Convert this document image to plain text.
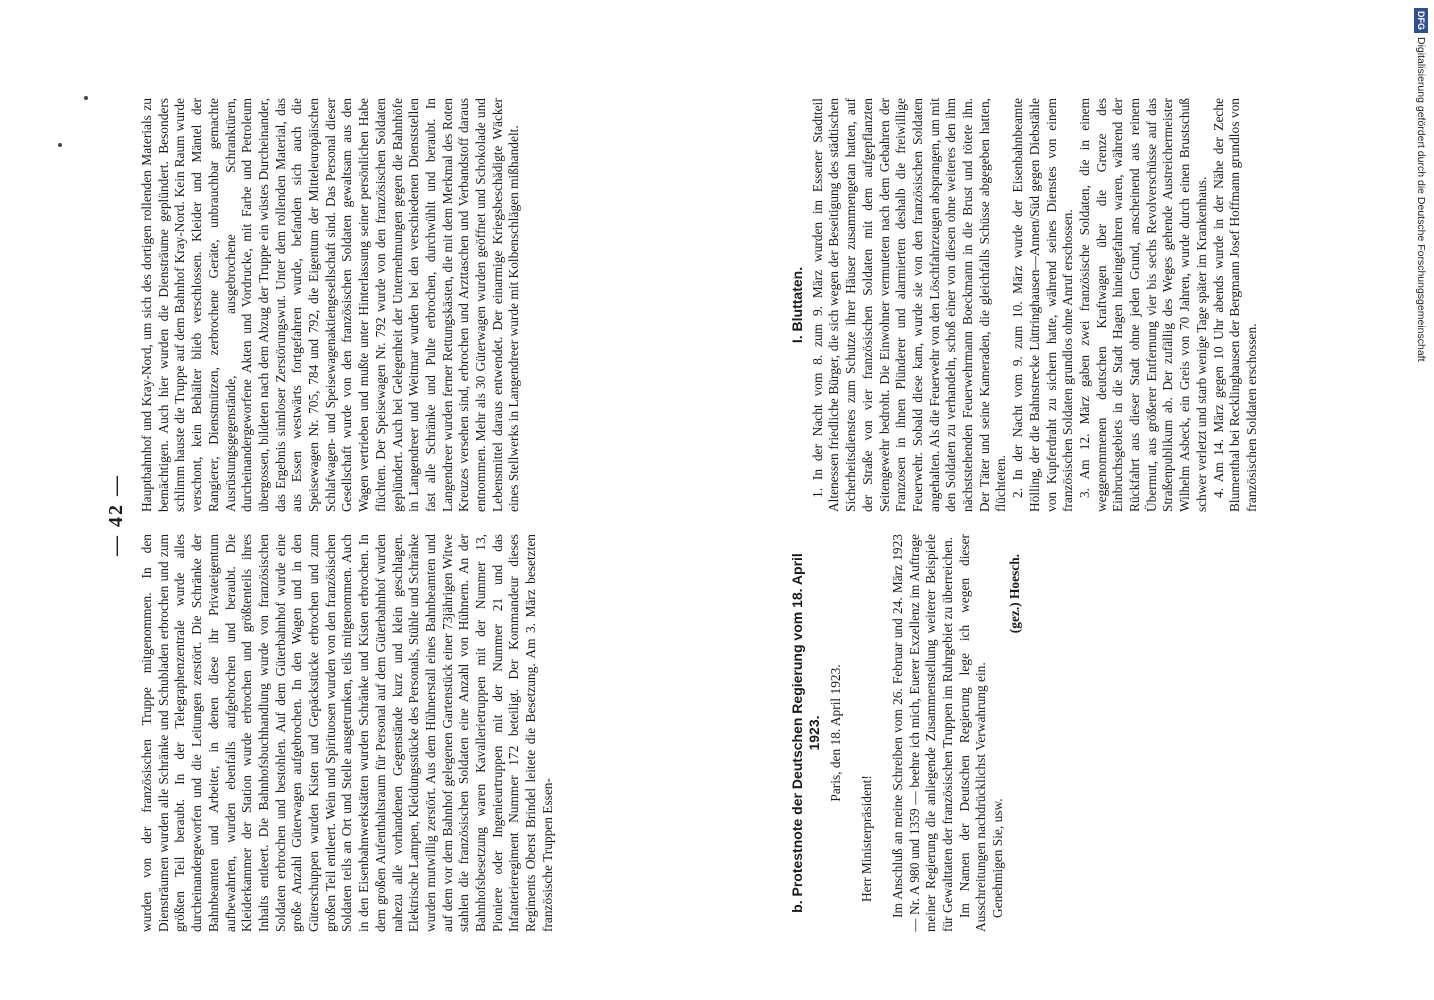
— 42 —

wurden von der französischen Truppe mitgenommen. In den Diensträumen wurden alle Schränke und Schubladen erbrochen und zum größten Teil beraubt. In der Telegraphenzentrale wurde alles durcheinandergeworfen und die Leitungen zerstört. Die Schränke der Bahnbeamten und Arbeiter, in denen diese ihr Privateigentum aufbewahrten, wurden ebenfalls aufgebrochen und beraubt. Die Kleiderkammer der Station wurde erbrochen und größtenteils ihres Inhalts entleert. Die Bahnhofsbuchhandlung wurde von französischen Soldaten erbrochen und bestohlen. Auf dem Güterbahnhof wurde eine große Anzahl Güterwagen aufgebrochen. In den Wagen und in den Güterschuppen wurden Kisten und Gepäckstücke erbrochen und zum großen Teil entleert. Wein und Spirituosen wurden von den französischen Soldaten teils an Ort und Stelle ausgetrunken, teils mitgenommen. Auch in den Eisenbahnwerkstätten wurden Schränke und Kisten erbrochen. In dem großen Aufenthaltsraum für Personal auf dem Güterbahnhof wurden nahezu alle vorhandenen Gegenstände kurz und klein geschlagen. Elektrische Lampen, Kleidungsstücke des Personals, Stühle und Schränke wurden mutwillig zerstört. Aus dem Hühnerstall eines Bahnbeamten und auf dem vor dem Bahnhof gelegenen Gartenstück einer 73jährigen Witwe stahlen die französischen Soldaten eine Anzahl von Hühnern. An der Bahnhofsbesetzung waren Kavallerietruppen mit der Nummer 13, Pioniere oder Ingenieurtruppen mit der Nummer 21 und das Infanterieregiment Nummer 172 beteiligt. Der Kommandeur dieses Regiments Oberst Brindel leitete die Besetzung. Am 3. März besetzten französische Truppen Essen-

Hauptbahnhof und Kray-Nord, um sich des dortigen rollenden Materials zu bemächtigen. Auch hier wurden die Diensträume geplündert. Besonders schlimm hauste die Truppe auf dem Bahnhof Kray-Nord. Kein Raum wurde verschont, kein Behälter blieb verschlossen. Kleider und Mäntel der Rangierer, Dienstmützen, zerbrochene Geräte, unbrauchbar gemachte Ausrüstungsgegenstände, ausgebrochene Schranktüren, durcheinandergeworfene Akten und Vordrucke, mit Farbe und Petroleum übergossen, bildeten nach dem Abzug der Truppe ein wüstes Durcheinander, das Ergebnis sinnloser Zerstörungswut. Unter dem rollenden Material, das aus Essen westwärts fortgefahren wurde, befanden sich auch die Speisewagen Nr. 705, 784 und 792, die Eigentum der Mitteleuropäischen Schlafwagen- und Speisewagenaktiengesellschaft sind. Das Personal dieser Gesellschaft wurde von den französischen Soldaten gewaltsam aus den Wagen vertrieben und mußte unter Hinterlassung seiner persönlichen Habe flüchten. Der Speisewagen Nr. 792 wurde von den französischen Soldaten geplündert. Auch bei Gelegenheit der Unternehmungen gegen die Bahnhöfe in Langendreer und Weitmar wurden bei den verschiedenen Dienststellen fast alle Schränke und Pulte erbrochen, durchwühlt und beraubt. In Langendreer wurden ferner Rettungskästen, die mit dem Merkmal des Roten Kreuzes versehen sind, erbrochen und Arzttaschen und Verbandstoff daraus entnommen. Mehr als 30 Güterwagen wurden geöffnet und Schokolade und Lebensmittel daraus entwendet. Der einarmige Kriegsbeschädigte Wäcker eines Stellwerks in Langendreer wurde mit Kolbenschlägen mißhandelt.

b. Protestnote der Deutschen Regierung vom 18. April 1923. Paris, den 18. April 1923.

Herr Ministerpräsident! Im Anschluß an meine Schreiben vom 26. Februar und 24. März 1923 — Nr. A 980 und 1359 — beehre ich mich, Euerer Exzellenz im Auftrage meiner Regierung die anliegende Zusammenstellung weiterer Beispiele für Gewalttaten der französischen Truppen im Ruhrgebiet zu überreichen. Im Namen der Deutschen Regierung lege ich wegen dieser Ausschreitungen nachdrücklichst Verwahrung ein. Genehmigen Sie, usw.

(gez.) Hoesch.

I. Bluttaten. 1. In der Nacht vom 8. zum 9. März wurden im Essener Stadtteil Altenessen friedliche Bürger, die sich wegen der Beseitigung des städtischen Sicherheitsdienstes zum Schutze ihrer Häuser zusammengetan hatten, auf der Straße von vier französischen Soldaten mit dem aufgepflanzten Seitengewehr bedroht. Die Einwohner vermuteten nach dem Gebahren der Franzosen in ihnen Plünderer und alarmierten deshalb die freiwillige Feuerwehr. Sobald diese kam, wurde sie von den französischen Soldaten angehalten. Als die Feuerwehr von den Löschfahrzeugen absprangen, um mit den Soldaten zu verhandeln, schoß einer von diesen ohne weiteres den ihm nächststehenden Feuerwehrmann Boeckmann in die Brust und tötete ihn. Der Täter und seine Kameraden, die gleichfalls Schüsse abgegeben hatten, flüchteten. 2. In der Nacht vom 9. zum 10. März wurde der Eisenbahnbeamte Hölling, der die Bahnstrecke Lüttringhausen—Annen/Süd gegen Diebstähle von Kupferdraht zu sichern hatte, während seines Dienstes von einem französischen Soldaten grundlos ohne Anruf erschossen. 3. Am 12. März gaben zwei französische Soldaten, die in einem weggenommenen deutschen Kraftwagen über die Grenze des Einbruchsgebiets in die Stadt Hagen hineingefahren waren, während der Rückfahrt aus dieser Stadt ohne jeden Grund, anscheinend aus reinem Übermut, aus größerer Entfernung vier bis sechs Revolverschüsse auf das Straßenpublikum ab. Der zufällig des Weges gehende Austreichermeister Wilhelm Asbeck, ein Greis von 70 Jahren, wurde durch einen Brustschuß schwer verletzt und starb wenige Tage später im Krankenhaus. 4. Am 14. März gegen 10 Uhr abends wurde in der Nähe der Zeche Blumenthal bei Recklinghausen der Bergmann Josef Hoffmann grundlos von französischen Soldaten erschossen.

DFGDigitalisierung gefördert durch die Deutsche Forschungsgemeinschaft
